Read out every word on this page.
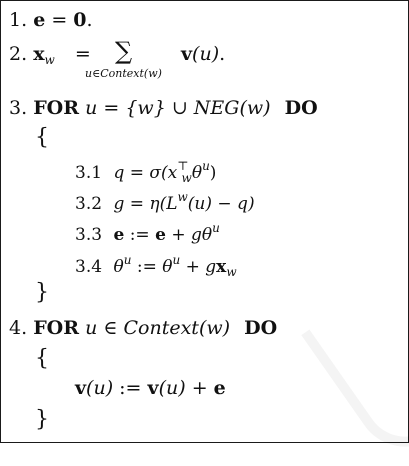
1. e = 0.
2. $x_w$ = ∑
u∈Context(w)
v(u).
3. FOR u = {w} ∪ NEG(w) DO
{
3.1 $q = \sigma(x^⊤_w\theta^u)$
3.2 $g = \eta(L^w(u) - q)$
3.3 e := $e + g\theta^u$
3.4 $\theta^u$ := $\theta^u + gx_w$
}
4. FOR u ∈ Context(w) DO
{
v(u) := v(u) + e
}
